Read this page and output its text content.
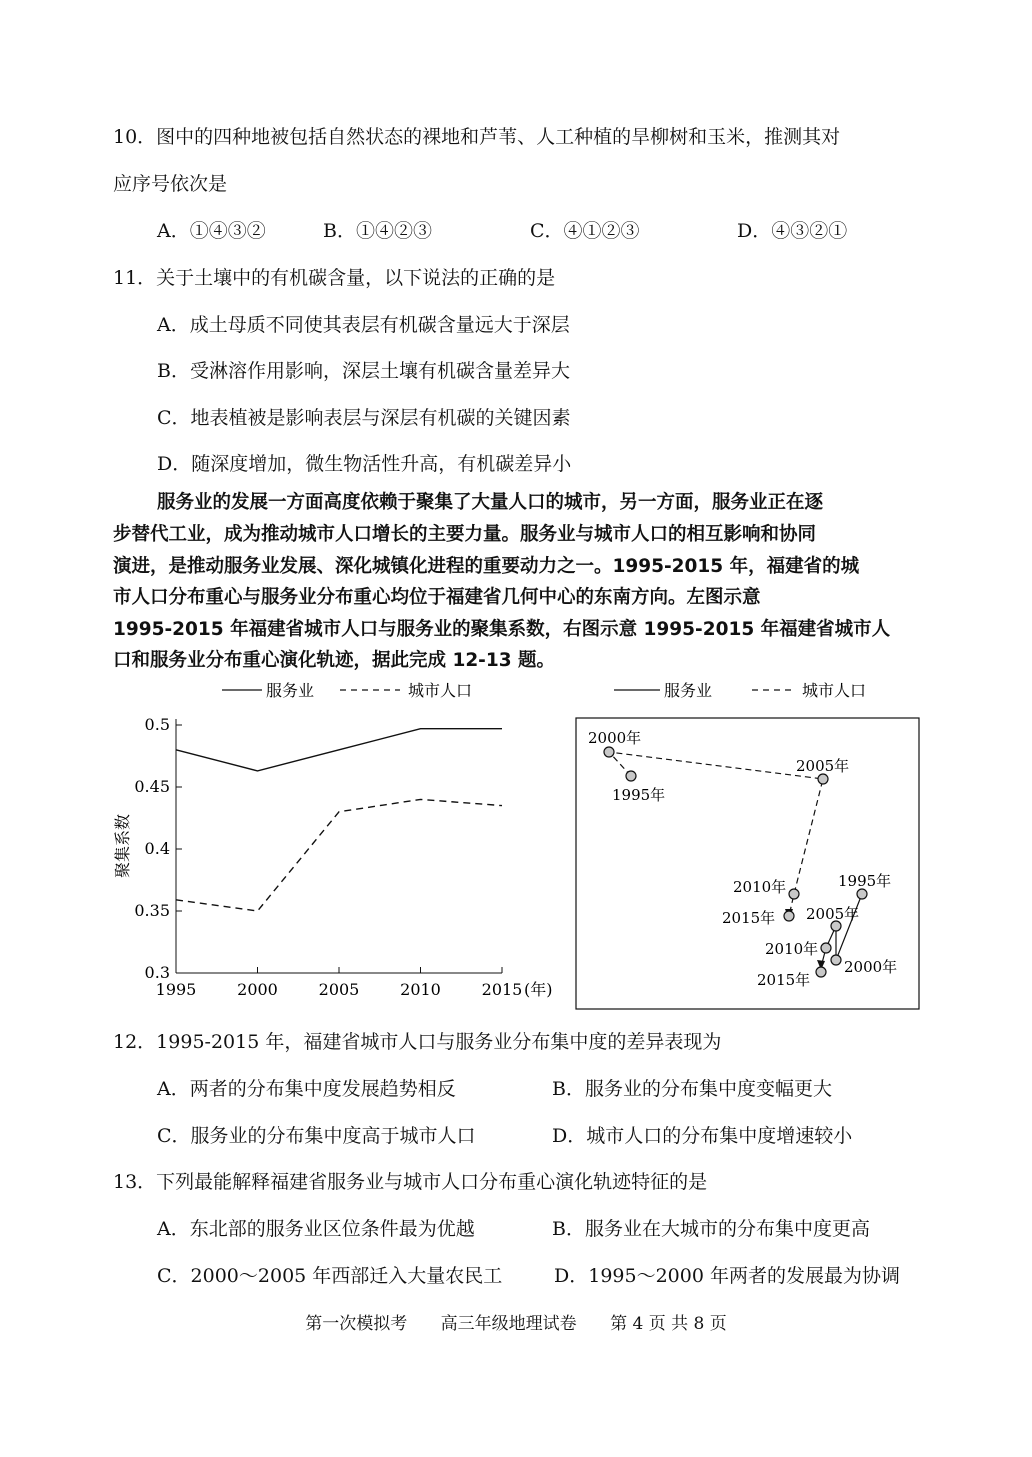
10．图中的四种地被包括自然状态的裸地和芦苇、人工种植的旱柳树和玉米，推测其对
应序号依次是
A．①④③②	B．①④②③	C．④①②③	D．④③②①
11．关于土壤中的有机碳含量，以下说法的正确的是
A．成土母质不同使其表层有机碳含量远大于深层
B．受淋溶作用影响，深层土壤有机碳含量差异大
C．地表植被是影响表层与深层有机碳的关键因素
D．随深度增加，微生物活性升高，有机碳差异小
服务业的发展一方面高度依赖于聚集了大量人口的城市，另一方面，服务业正在逐
步替代工业，成为推动城市人口增长的主要力量。服务业与城市人口的相互影响和协同
演进，是推动服务业发展、深化城镇化进程的重要动力之一。1995-2015 年，福建省的城
市人口分布重心与服务业分布重心均位于福建省几何中心的东南方向。左图示意
1995-2015 年福建省城市人口与服务业的聚集系数，右图示意 1995-2015 年福建省城市人
口和服务业分布重心演化轨迹，据此完成 12-13 题。
服务业	城市人口	服务业	城市人口
聚集系数
0.3
0.35
0.4
0.45
0.5
1995	2000	2005	2010	2015 (年)
2000年
1995年
2005年
2010年
2015年
1995年
2005年
2010年
2000年
2015年
12．1995-2015 年，福建省城市人口与服务业分布集中度的差异表现为
A．两者的分布集中度发展趋势相反	B．服务业的分布集中度变幅更大
C．服务业的分布集中度高于城市人口	D．城市人口的分布集中度增速较小
13．下列最能解释福建省服务业与城市人口分布重心演化轨迹特征的是
A．东北部的服务业区位条件最为优越	B．服务业在大城市的分布集中度更高
C．2000～2005 年西部迁入大量农民工	D．1995～2000 年两者的发展最为协调
第一次模拟考 高三年级地理试卷 第 4 页 共 8 页
